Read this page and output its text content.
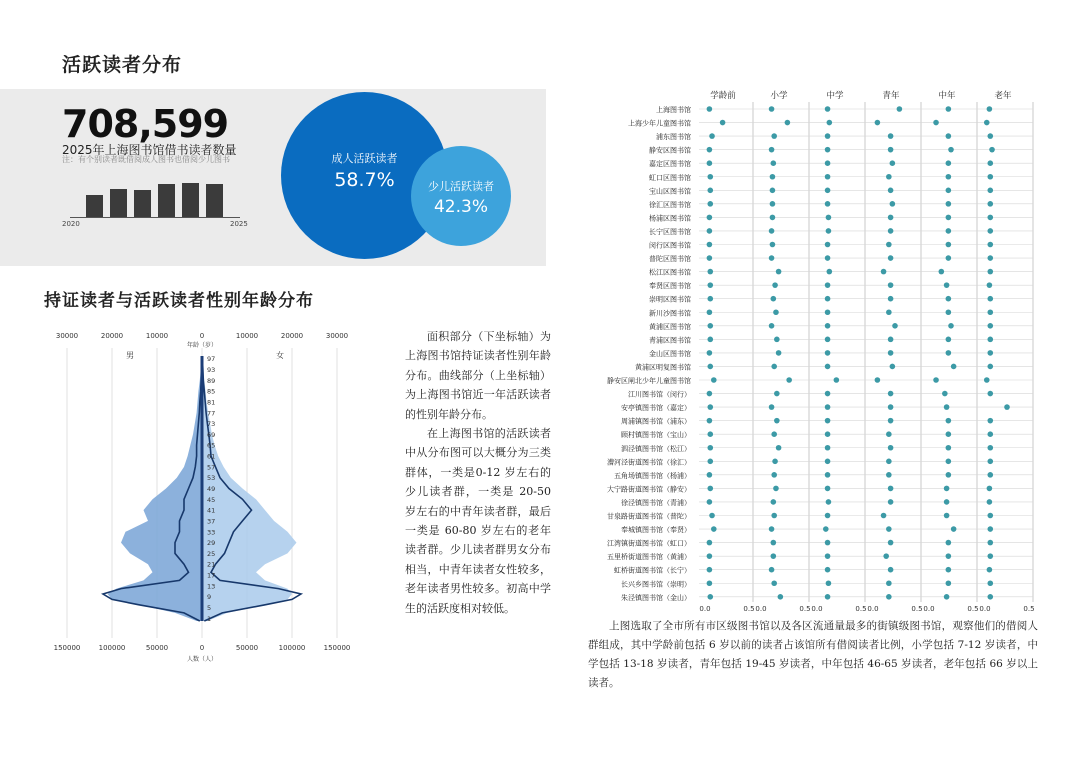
活跃读者分布
708,599
2025年上海图书馆借书读者数量
注：有个别读者既借阅成人图书也借阅少儿图书
2020	2025
成人活跃读者
58.7%	少儿活跃读者
42.3%
持证读者与活跃读者性别年龄分布
30000	20000	10000	0	10000	20000	30000
150000	100000	50000	0	50000	100000	150000
年龄（岁）
人数（人）
男	女
97
93
89
85
81
77
73
69
65
61
57
53
49
45
41
37
33
29
25
21
17
13
9
5
1

面积部分（下坐标轴）为上海图书馆持证读者性别年龄分布。曲线部分（上坐标轴）为上海图书馆近一年活跃读者的性别年龄分布。

在上海图书馆的活跃读者中从分布图可以大概分为三类群体，一类是0-12 岁左右的少儿读者群，一类是 20-50 岁左右的中青年读者群，最后一类是 60-80 岁左右的老年读者群。少儿读者群男女分布相当，中青年读者女性较多，老年读者男性较多。初高中学生的活跃度相对较低。

学龄前
0.0	0.5
小学
0.0	0.5
中学
0.0	0.5
青年
0.0	0.5
中年
0.0	0.5
老年
0.0	0.5
上海图书馆
上海少年儿童图书馆
浦东图书馆
静安区图书馆
嘉定区图书馆
虹口区图书馆
宝山区图书馆
徐汇区图书馆
杨浦区图书馆
长宁区图书馆
闵行区图书馆
普陀区图书馆
松江区图书馆
奉贤区图书馆
崇明区图书馆
新川沙图书馆
黄浦区图书馆
青浦区图书馆
金山区图书馆
黄浦区明复图书馆
静安区闸北少年儿童图书馆
江川图书馆（闵行）
安亭镇图书馆（嘉定）
周浦镇图书馆（浦东）
顾村镇图书馆（宝山）
泗泾镇图书馆（松江）
漕河泾街道图书馆（徐汇）
五角场镇图书馆（杨浦）
大宁路街道图书馆（静安）
徐泾镇图书馆（青浦）
甘泉路街道图书馆（普陀）
奉城镇图书馆（奉贤）
江湾镇街道图书馆（虹口）
五里桥街道图书馆（黄浦）
虹桥街道图书馆（长宁）
长兴乡图书馆（崇明）
朱泾镇图书馆（金山）

上图选取了全市所有市区级图书馆以及各区流通量最多的街镇级图书馆，观察他们的借阅人群组成，其中学龄前包括 6 岁以前的读者占该馆所有借阅读者比例，小学包括 7-12 岁读者，中学包括 13-18 岁读者，青年包括 19-45 岁读者，中年包括 46-65 岁读者，老年包括 66 岁以上读者。
